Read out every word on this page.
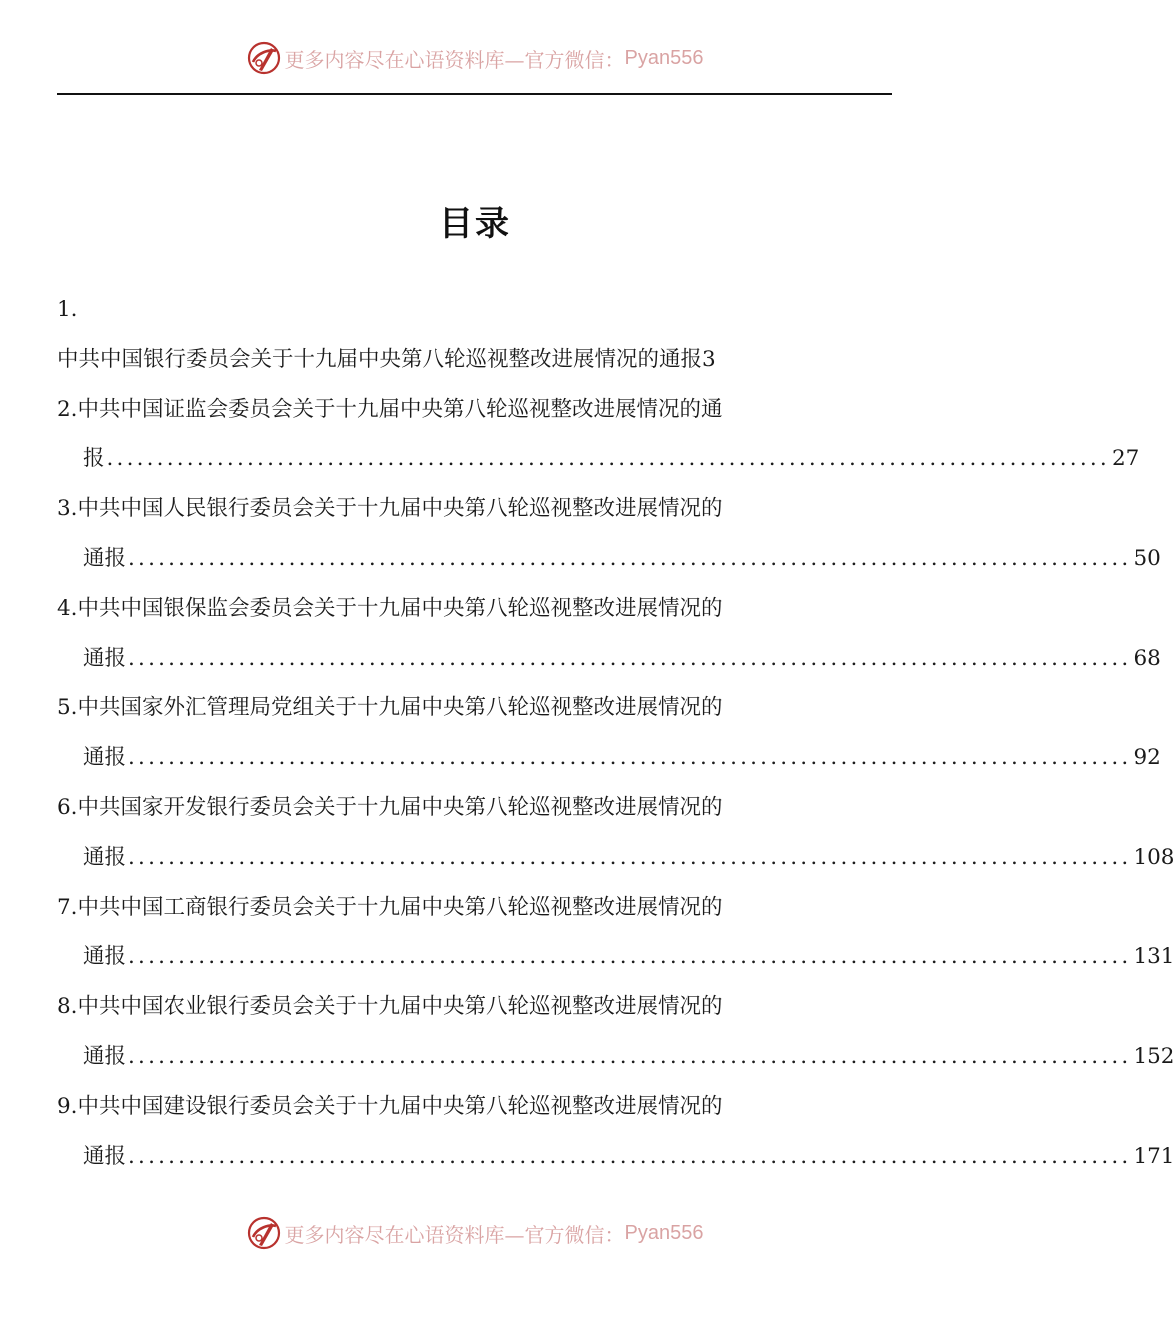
更多内容尽在心语资料库—官方微信： Pyan556
目录
1.
中共中国银行委员会关于十九届中央第八轮巡视整改进展情况的通报3
2.中共中国证监会委员会关于十九届中央第八轮巡视整改进展情况的通
报 .................................................................................................... 27
3.中共中国人民银行委员会关于十九届中央第八轮巡视整改进展情况的
通报 .................................................................................................... 50
4.中共中国银保监会委员会关于十九届中央第八轮巡视整改进展情况的
通报 .................................................................................................... 68
5.中共国家外汇管理局党组关于十九届中央第八轮巡视整改进展情况的
通报 .................................................................................................... 92
6.中共国家开发银行委员会关于十九届中央第八轮巡视整改进展情况的
通报 .................................................................................................... 108
7.中共中国工商银行委员会关于十九届中央第八轮巡视整改进展情况的
通报 .................................................................................................... 131
8.中共中国农业银行委员会关于十九届中央第八轮巡视整改进展情况的
通报 .................................................................................................... 152
9.中共中国建设银行委员会关于十九届中央第八轮巡视整改进展情况的
通报 .................................................................................................... 171
更多内容尽在心语资料库—官方微信： Pyan556
